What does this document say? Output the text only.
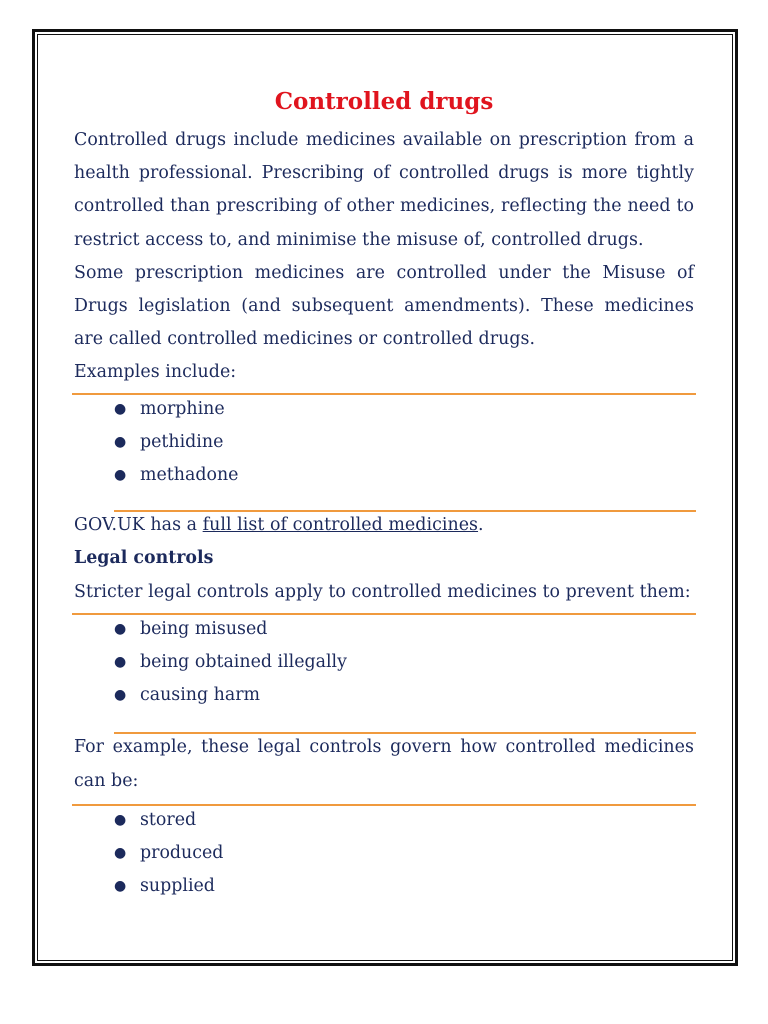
Controlled drugs

Controlled drugs include medicines available on prescription from a health professional. Prescribing of controlled drugs is more tightly controlled than prescribing of other medicines, reflecting the need to restrict access to, and minimise the misuse of, controlled drugs.

Some prescription medicines are controlled under the Misuse of Drugs legislation (and subsequent amendments). These medicines are called controlled medicines or controlled drugs.

Examples include:

● morphine
● pethidine
● methadone

GOV.UK has a full list of controlled medicines.

Legal controls

Stricter legal controls apply to controlled medicines to prevent them:

● being misused
● being obtained illegally
● causing harm

For example, these legal controls govern how controlled medicines can be:

● stored
● produced
● supplied
